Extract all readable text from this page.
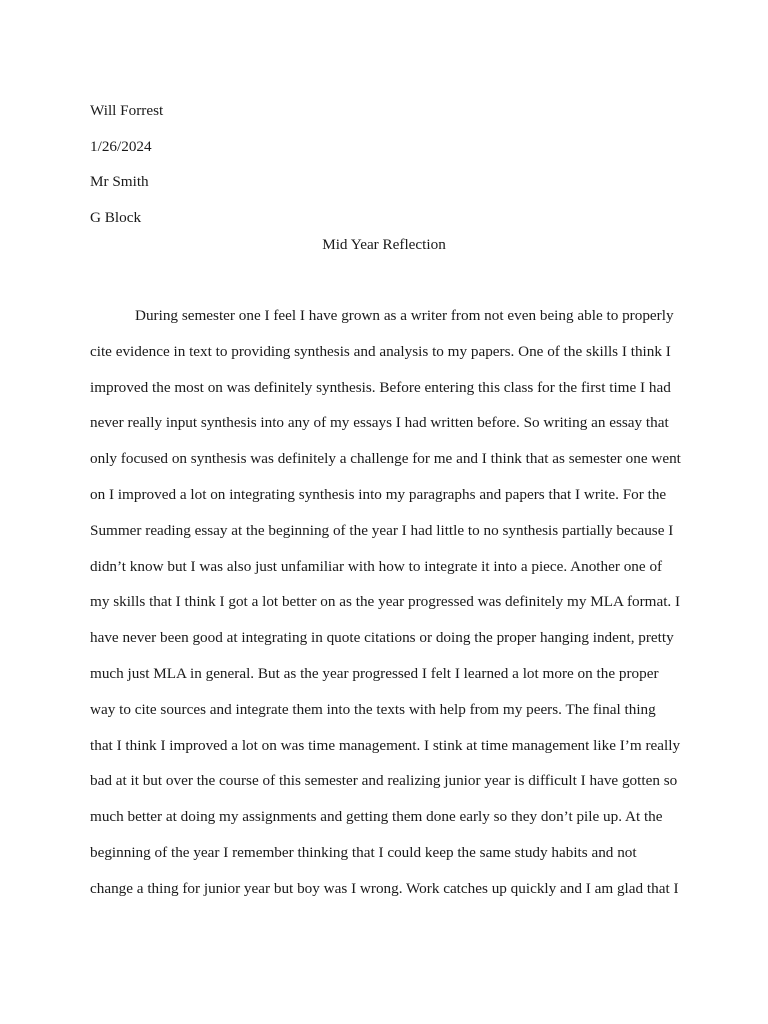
Will Forrest
1/26/2024
Mr Smith
G Block
Mid Year Reflection
During semester one I feel I have grown as a writer from not even being able to properly
cite evidence in text to providing synthesis and analysis to my papers. One of the skills I think I
improved the most on was definitely synthesis. Before entering this class for the first time I had
never really input synthesis into any of my essays I had written before. So writing an essay that
only focused on synthesis was definitely a challenge for me and I think that as semester one went
on I improved a lot on integrating synthesis into my paragraphs and papers that I write. For the
Summer reading essay at the beginning of the year I had little to no synthesis partially because I
didn’t know but I was also just unfamiliar with how to integrate it into a piece. Another one of
my skills that I think I got a lot better on as the year progressed was definitely my MLA format. I
have never been good at integrating in quote citations or doing the proper hanging indent, pretty
much just MLA in general. But as the year progressed I felt I learned a lot more on the proper
way to cite sources and integrate them into the texts with help from my peers. The final thing
that I think I improved a lot on was time management. I stink at time management like I’m really
bad at it but over the course of this semester and realizing junior year is difficult I have gotten so
much better at doing my assignments and getting them done early so they don’t pile up. At the
beginning of the year I remember thinking that I could keep the same study habits and not
change a thing for junior year but boy was I wrong. Work catches up quickly and I am glad that I
